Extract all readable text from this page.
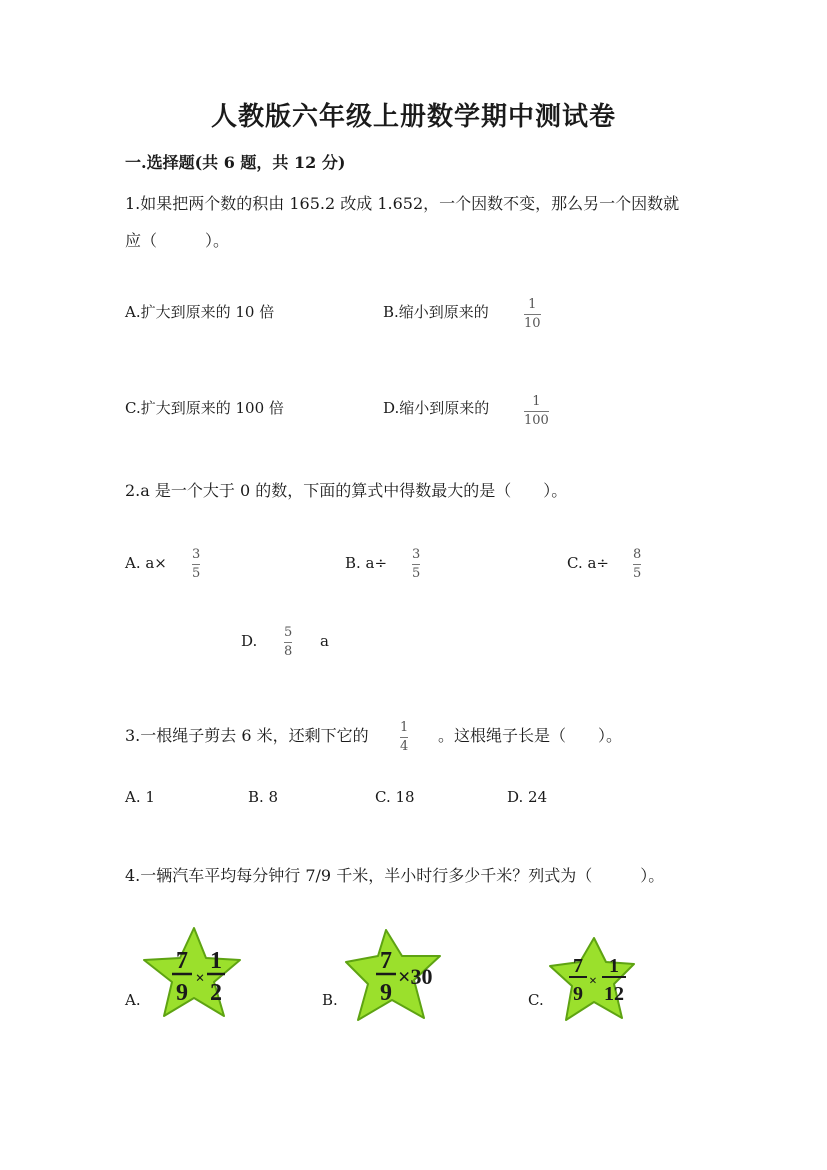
人教版六年级上册数学期中测试卷
一.选择题(共 6 题，共 12 分)
1.如果把两个数的积由 165.2 改成 1.652，一个因数不变，那么另一个因数就
应（　　　）。
A.扩大到原来的 10 倍	B.缩小到原来的	1
10
C.扩大到原来的 100 倍	D.缩小到原来的	1
100
2.a 是一个大于 0 的数，下面的算式中得数最大的是（　　）。
A. a× 3
5
B. a÷ 3
5
C. a÷ 8
5
D. 5
8
a
3.一根绳子剪去 6 米，还剩下它的 1
4
。这根绳子长是（　　）。
A. 1	B. 8	C. 18	D. 24
4.一辆汽车平均每分钟行 7/9 千米，半小时行多少千米？列式为（　　　）。
A.
7
9
×
1
2	B.
7
9
×30
C.
7
9
×
1
12
